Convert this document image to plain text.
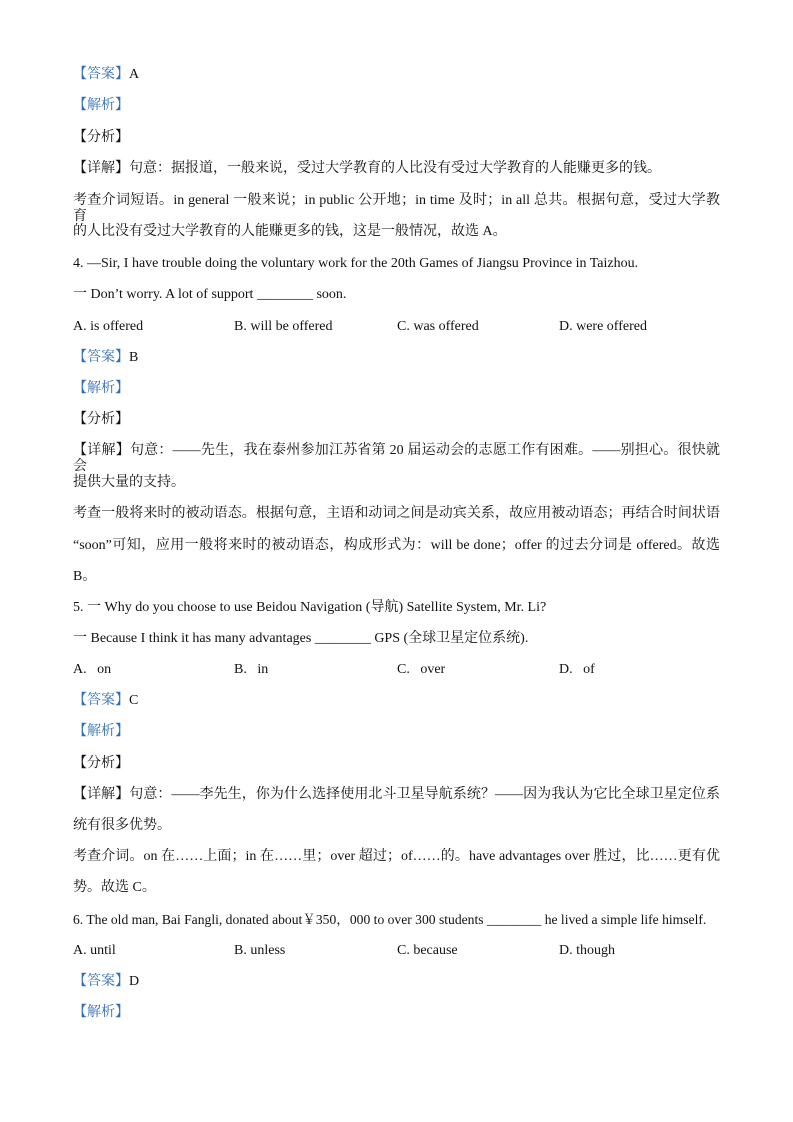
【答案】A
【解析】
【分析】
【详解】句意：据报道，一般来说，受过大学教育的人比没有受过大学教育的人能赚更多的钱。
考查介词短语。in general 一般来说；in public 公开地；in time 及时；in all 总共。根据句意，受过大学教育
的人比没有受过大学教育的人能赚更多的钱，这是一般情况，故选 A。
4. —Sir, I have trouble doing the voluntary work for the 20th Games of Jiangsu Province in Taizhou.
一 Don’t worry. A lot of support ________ soon.
A. is offered	B. will be offered	C. was offered	D. were offered
【答案】B
【解析】
【分析】
【详解】句意：——先生，我在泰州参加江苏省第 20 届运动会的志愿工作有困难。——别担心。很快就会
提供大量的支持。
考查一般将来时的被动语态。根据句意，主语和动词之间是动宾关系，故应用被动语态；再结合时间状语
“soon”可知，应用一般将来时的被动语态，构成形式为：will be done；offer 的过去分词是 offered。故选
B。
5. 一 Why do you choose to use Beidou Navigation (导航) Satellite System, Mr. Li?
一 Because I think it has many advantages ________ GPS (全球卫星定位系统).
A.   on	B.   in	C.   over	D.   of
【答案】C
【解析】
【分析】
【详解】句意：——李先生，你为什么选择使用北斗卫星导航系统？——因为我认为它比全球卫星定位系
统有很多优势。
考查介词。on 在……上面；in 在……里；over 超过；of……的。have advantages over 胜过，比……更有优
势。故选 C。
6. The old man, Bai Fangli, donated about￥350，000 to over 300 students ________ he lived a simple life himself.
A. until	B. unless	C. because	D. though
【答案】D
【解析】
